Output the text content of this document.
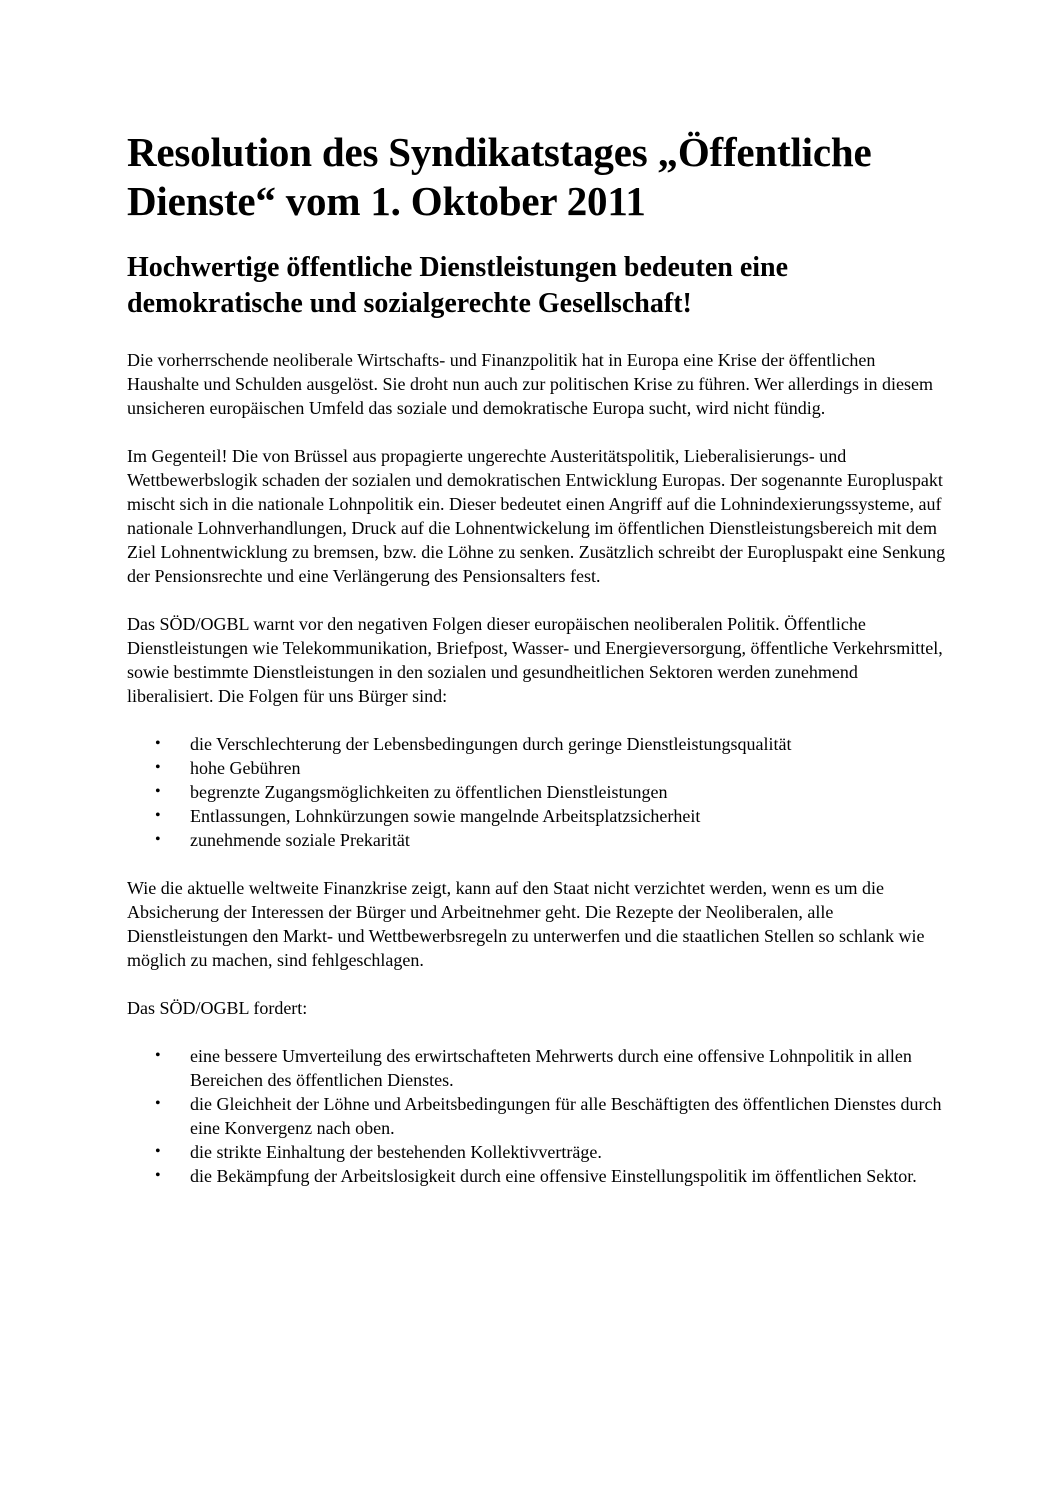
Resolution des Syndikatstages „Öffentliche Dienste“ vom 1. Oktober 2011
Hochwertige öffentliche Dienstleistungen bedeuten eine demokratische und sozialgerechte Gesellschaft!

Die vorherrschende neoliberale Wirtschafts- und Finanzpolitik hat in Europa eine Krise der öffentlichen Haushalte und Schulden ausgelöst. Sie droht nun auch zur politischen Krise zu führen. Wer allerdings in diesem unsicheren europäischen Umfeld das soziale und demokratische Europa sucht, wird nicht fündig.

Im Gegenteil! Die von Brüssel aus propagierte ungerechte Austeritätspolitik, Lieberalisierungs- und Wettbewerbslogik schaden der sozialen und demokratischen Entwicklung Europas. Der sogenannte Europluspakt mischt sich in die nationale Lohnpolitik ein. Dieser bedeutet einen Angriff auf die Lohnindexierungssysteme, auf nationale Lohnverhandlungen, Druck auf die Lohnentwickelung im öffentlichen Dienstleistungsbereich mit dem Ziel Lohnentwicklung zu bremsen, bzw. die Löhne zu senken. Zusätzlich schreibt der Europluspakt eine Senkung der Pensionsrechte und eine Verlängerung des Pensionsalters fest.

Das SÖD/OGBL warnt vor den negativen Folgen dieser europäischen neoliberalen Politik. Öffentliche Dienstleistungen wie Telekommunikation, Briefpost, Wasser- und Energieversorgung, öffentliche Verkehrsmittel, sowie bestimmte Dienstleistungen in den sozialen und gesundheitlichen Sektoren werden zunehmend liberalisiert. Die Folgen für uns Bürger sind:

• die Verschlechterung der Lebensbedingungen durch geringe Dienstleistungsqualität
• hohe Gebühren
• begrenzte Zugangsmöglichkeiten zu öffentlichen Dienstleistungen
• Entlassungen, Lohnkürzungen sowie mangelnde Arbeitsplatzsicherheit
• zunehmende soziale Prekarität

Wie die aktuelle weltweite Finanzkrise zeigt, kann auf den Staat nicht verzichtet werden, wenn es um die Absicherung der Interessen der Bürger und Arbeitnehmer geht. Die Rezepte der Neoliberalen, alle Dienstleistungen den Markt- und Wettbewerbsregeln zu unterwerfen und die staatlichen Stellen so schlank wie möglich zu machen, sind fehlgeschlagen.

Das SÖD/OGBL fordert:

• eine bessere Umverteilung des erwirtschafteten Mehrwerts durch eine offensive Lohnpolitik in allen Bereichen des öffentlichen Dienstes.
• die Gleichheit der Löhne und Arbeitsbedingungen für alle Beschäftigten des öffentlichen Dienstes durch eine Konvergenz nach oben.
• die strikte Einhaltung der bestehenden Kollektivverträge.
• die Bekämpfung der Arbeitslosigkeit durch eine offensive Einstellungspolitik im öffentlichen Sektor.
